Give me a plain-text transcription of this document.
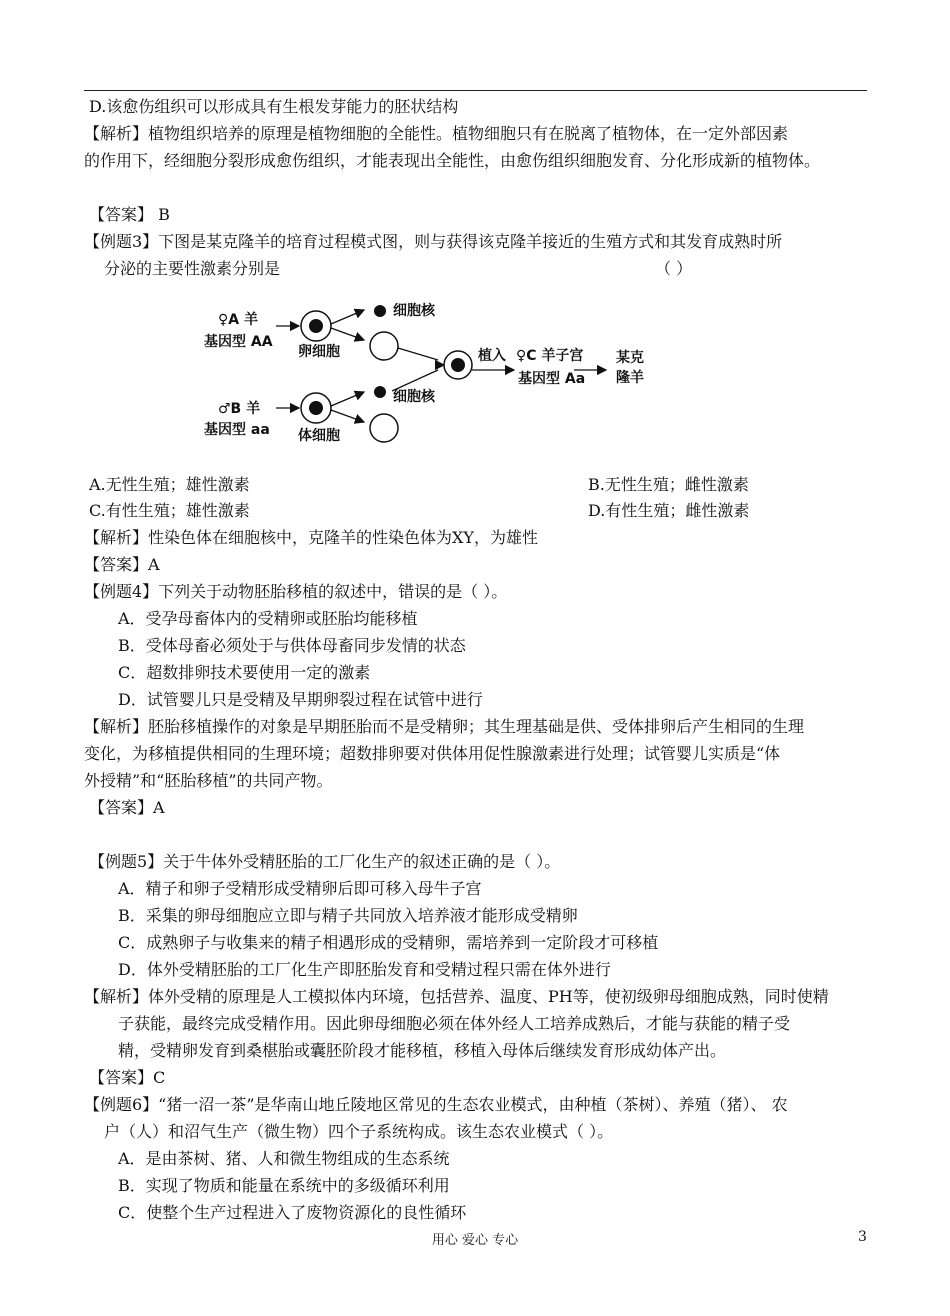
D.该愈伤组织可以形成具有生根发芽能力的胚状结构
【解析】植物组织培养的原理是植物细胞的全能性。植物细胞只有在脱离了植物体，在一定外部因素
的作用下，经细胞分裂形成愈伤组织，才能表现出全能性，由愈伤组织细胞发育、分化形成新的植物体。
【答案】 B
【例题3】下图是某克隆羊的培育过程模式图，则与获得该克隆羊接近的生殖方式和其发育成熟时所
分泌的主要性激素分别是	（ ）
♀A 羊
基因型 AA
卵细胞
细胞核
植入 ♀C 羊子宫
基因型 Aa
某克
隆羊
♂B 羊
基因型 aa 体细胞
细胞核
A.无性生殖；雄性激素	B.无性生殖；雌性激素
C.有性生殖；雄性激素	D.有性生殖；雌性激素
【解析】性染色体在细胞核中，克隆羊的性染色体为XY，为雄性
【答案】A
【例题4】下列关于动物胚胎移植的叙述中，错误的是（ ）。
A．受孕母畜体内的受精卵或胚胎均能移植
B．受体母畜必须处于与供体母畜同步发情的状态
C．超数排卵技术要使用一定的激素
D．试管婴儿只是受精及早期卵裂过程在试管中进行
【解析】胚胎移植操作的对象是早期胚胎而不是受精卵；其生理基础是供、受体排卵后产生相同的生理
变化，为移植提供相同的生理环境；超数排卵要对供体用促性腺激素进行处理；试管婴儿实质是“体
外授精”和“胚胎移植”的共同产物。
【答案】A
【例题5】关于牛体外受精胚胎的工厂化生产的叙述正确的是（ ）。
A．精子和卵子受精形成受精卵后即可移入母牛子宫
B．采集的卵母细胞应立即与精子共同放入培养液才能形成受精卵
C．成熟卵子与收集来的精子相遇形成的受精卵，需培养到一定阶段才可移植
D．体外受精胚胎的工厂化生产即胚胎发育和受精过程只需在体外进行
【解析】体外受精的原理是人工模拟体内环境，包括营养、温度、PH等，使初级卵母细胞成熟，同时使精
子获能，最终完成受精作用。因此卵母细胞必须在体外经人工培养成熟后，才能与获能的精子受
精，受精卵发育到桑椹胎或囊胚阶段才能移植，移植入母体后继续发育形成幼体产出。
【答案】C
【例题6】“猪一沼一茶”是华南山地丘陵地区常见的生态农业模式，由种植（茶树）、养殖（猪）、 农
户（人）和沼气生产（微生物）四个子系统构成。该生态农业模式（ ）。
A．是由茶树、猪、人和微生物组成的生态系统
B．实现了物质和能量在系统中的多级循环利用
C．使整个生产过程进入了废物资源化的良性循环
用心 爱心 专心	3
